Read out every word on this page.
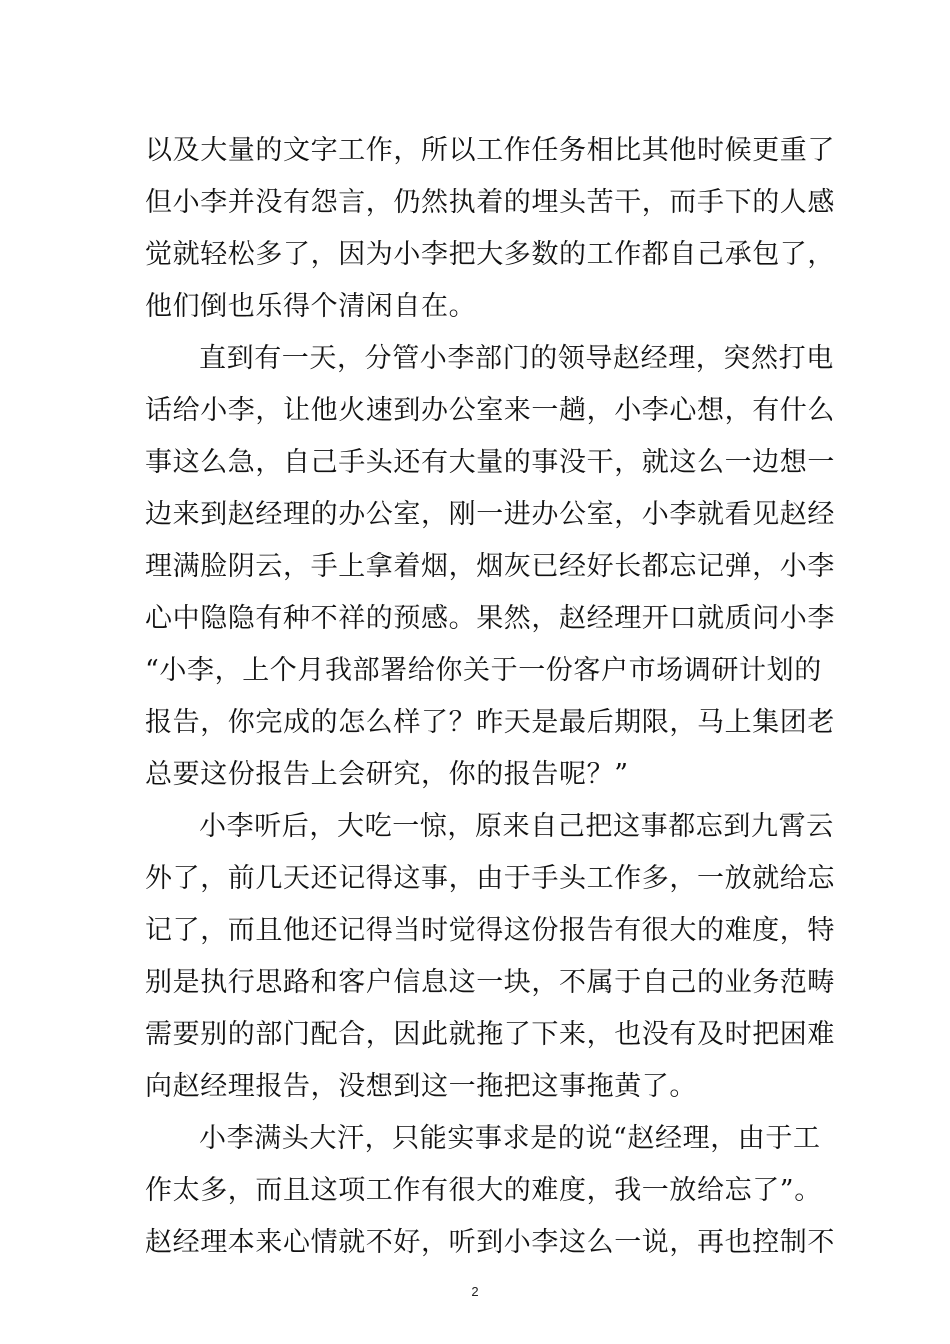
以及大量的文字工作，所以工作任务相比其他时候更重了
但小李并没有怨言，仍然执着的埋头苦干，而手下的人感
觉就轻松多了，因为小李把大多数的工作都自己承包了，
他们倒也乐得个清闲自在。
直到有一天，分管小李部门的领导赵经理，突然打电
话给小李，让他火速到办公室来一趟，小李心想，有什么
事这么急，自己手头还有大量的事没干，就这么一边想一
边来到赵经理的办公室，刚一进办公室，小李就看见赵经
理满脸阴云，手上拿着烟，烟灰已经好长都忘记弹，小李
心中隐隐有种不祥的预感。果然，赵经理开口就质问小李
“小李，上个月我部署给你关于一份客户市场调研计划的
报告，你完成的怎么样了？昨天是最后期限，马上集团老
总要这份报告上会研究，你的报告呢？”
小李听后，大吃一惊，原来自己把这事都忘到九霄云
外了，前几天还记得这事，由于手头工作多，一放就给忘
记了，而且他还记得当时觉得这份报告有很大的难度，特
别是执行思路和客户信息这一块，不属于自己的业务范畴
需要别的部门配合，因此就拖了下来，也没有及时把困难
向赵经理报告，没想到这一拖把这事拖黄了。
小李满头大汗，只能实事求是的说“赵经理，由于工
作太多，而且这项工作有很大的难度，我一放给忘了”。
赵经理本来心情就不好，听到小李这么一说，再也控制不
2
